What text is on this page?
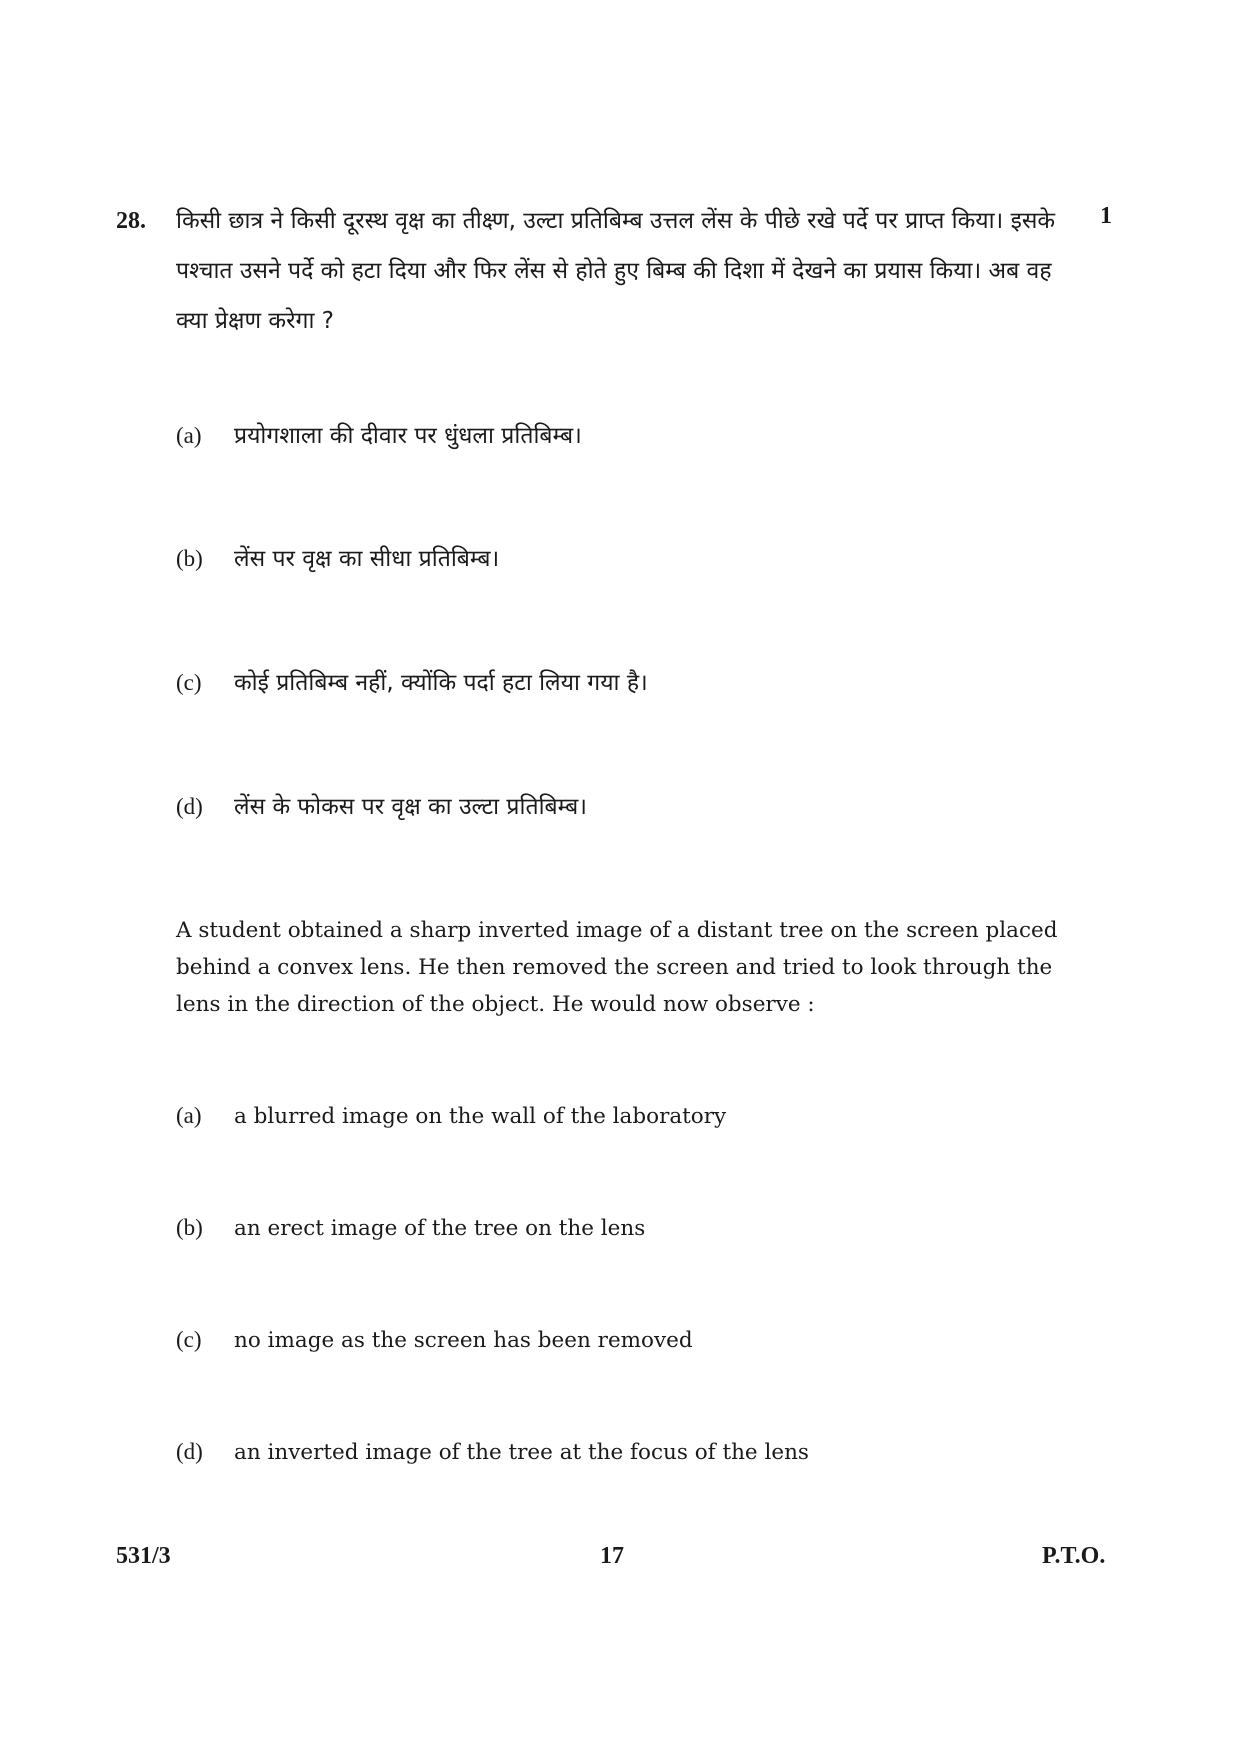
28.	1

किसी छात्र ने किसी दूरस्थ वृक्ष का तीक्ष्ण, उल्टा प्रतिबिम्ब उत्तल लेंस के पीछे रखे पर्दे पर प्राप्त किया। इसके पश्चात उसने पर्दे को हटा दिया और फिर लेंस से होते हुए बिम्ब की दिशा में देखने का प्रयास किया। अब वह क्या प्रेक्षण करेगा ?

(a) प्रयोगशाला की दीवार पर धुंधला प्रतिबिम्ब।
(b) लेंस पर वृक्ष का सीधा प्रतिबिम्ब।
(c) कोई प्रतिबिम्ब नहीं, क्योंकि पर्दा हटा लिया गया है।
(d) लेंस के फोकस पर वृक्ष का उल्टा प्रतिबिम्ब।

A student obtained a sharp inverted image of a distant tree on the screen placed behind a convex lens. He then removed the screen and tried to look through the lens in the direction of the object. He would now observe :

(a) a blurred image on the wall of the laboratory
(b) an erect image of the tree on the lens
(c) no image as the screen has been removed
(d) an inverted image of the tree at the focus of the lens
531/3	17	P.T.O.
